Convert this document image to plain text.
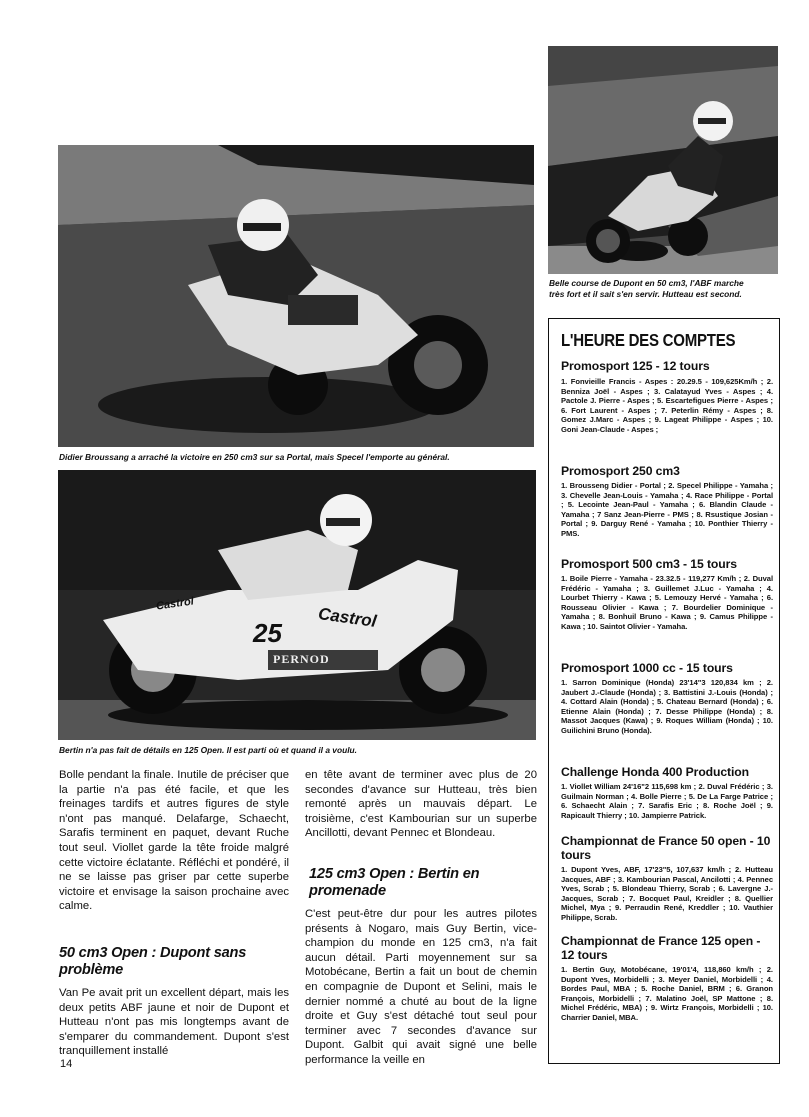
Belle course de Dupont en 50 cm3, l'ABF marche très fort et il sait s'en servir. Hutteau est second.
Didier Broussang a arraché la victoire en 250 cm3 sur sa Portal, mais Specel l'emporte au général.
25
Castrol
Castrol
PERNOD
Bertin n'a pas fait de détails en 125 Open. Il est parti où et quand il a voulu.
Bolle pendant la finale. Inutile de préciser que la partie n'a pas été facile, et que les freinages tardifs et autres figures de style n'ont pas manqué. Delafarge, Schaecht, Sarafis terminent en paquet, devant Ruche tout seul. Viollet garde la tête froide malgré cette victoire éclatante. Réfléchi et pondéré, il ne se laisse pas griser par cette superbe victoire et envisage la saison prochaine avec calme.
50 cm3 Open : Dupont sans problème
Van Pe avait prit un excellent départ, mais les deux petits ABF jaune et noir de Dupont et Hutteau n'ont pas mis longtemps avant de s'emparer du commandement. Dupont s'est tranquillement installé
14
en tête avant de terminer avec plus de 20 secondes d'avance sur Hutteau, très bien remonté après un mauvais départ. Le troisième, c'est Kambourian sur un superbe Ancillotti, devant Pennec et Blondeau.
125 cm3 Open : Bertin en promenade
C'est peut-être dur pour les autres pilotes présents à Nogaro, mais Guy Bertin, vice-champion du monde en 125 cm3, n'a fait aucun détail. Parti moyennement sur sa Motobécane, Bertin a fait un bout de chemin en compagnie de Dupont et Selini, mais le dernier nommé a chuté au bout de la ligne droite et Guy s'est détaché tout seul pour terminer avec 7 secondes d'avance sur Dupont. Galbit qui avait signé une belle performance la veille en
L'HEURE DES COMPTES
Promosport 125 - 12 tours
1. Fonvieille Francis - Aspes : 20.29.5 - 109,625Km/h ; 2. Benniza Joël - Aspes ; 3. Calatayud Yves - Aspes ; 4. Pactole J. Pierre - Aspes ; 5. Escartefigues Pierre - Aspes ; 6. Fort Laurent - Aspes ; 7. Peterlin Rémy - Aspes ; 8. Gomez J.Marc - Aspes ; 9. Lageat Philippe - Aspes ; 10. Goni Jean-Claude - Aspes ;
Promosport 250 cm3
1. Brousseng Didier - Portal ; 2. Specel Philippe - Yamaha ; 3. Chevelle Jean-Louis - Yamaha ; 4. Race Philippe - Portal ; 5. Lecointe Jean-Paul - Yamaha ; 6. Blandin Claude - Yamaha ; 7 Sanz Jean-Pierre - PMS ; 8. Rsustique Josian - Portal ; 9. Darguy René - Yamaha ; 10. Ponthier Thierry - PMS.
Promosport 500 cm3 - 15 tours
1. Boile Pierre - Yamaha - 23.32.5 - 119,277 Km/h ; 2. Duval Frédéric - Yamaha ; 3. Guillemet J.Luc - Yamaha ; 4. Lourbet Thierry - Kawa ; 5. Lemouzy Hervé - Yamaha ; 6. Rousseau Olivier - Kawa ; 7. Bourdelier Dominique - Yamaha ; 8. Bonhuil Bruno - Kawa ; 9. Camus Philippe - Kawa ; 10. Saintot Olivier - Yamaha.
Promosport 1000 cc - 15 tours
1. Sarron Dominique (Honda) 23'14"3 120,834 km ; 2. Jaubert J.-Claude (Honda) ; 3. Battistini J.-Louis (Honda) ; 4. Cottard Alain (Honda) ; 5. Chateau Bernard (Honda) ; 6. Etienne Alain (Honda) ; 7. Desse Philippe (Honda) ; 8. Massot Jacques (Kawa) ; 9. Roques William (Honda) ; 10. Guilichini Bruno (Honda).
Challenge Honda 400 Production
1. Viollet William 24'16"2 115,698 km ; 2. Duval Frédéric ; 3. Guilmain Norman ; 4. Bolle Pierre ; 5. De La Farge Patrice ; 6. Schaecht Alain ; 7. Sarafis Eric ; 8. Roche Joël ; 9. Rapicault Thierry ; 10. Jampierre Patrick.
Championnat de France 50 open - 10 tours
1. Dupont Yves, ABF, 17'23"5, 107,637 km/h ; 2. Hutteau Jacques, ABF ; 3. Kambourian Pascal, Ancilotti ; 4. Pennec Yves, Scrab ; 5. Blondeau Thierry, Scrab ; 6. Lavergne J.-Jacques, Scrab ; 7. Bocquet Paul, Kreidler ; 8. Quellier Michel, Mya ; 9. Perraudin René, Kreddler ; 10. Vauthier Philippe, Scrab.
Championnat de France 125 open - 12 tours
1. Bertin Guy, Motobécane, 19'01'4, 118,860 km/h ; 2. Dupont Yves, Morbidelli ; 3. Meyer Daniel, Morbidelli ; 4. Bordes Paul, MBA ; 5. Roche Daniel, BRM ; 6. Granon François, Morbidelli ; 7. Malatino Joël, SP Mattone ; 8. Michel Frédéric, MBA) ; 9. Wirtz François, Morbidelli ; 10. Charrier Daniel, MBA.
